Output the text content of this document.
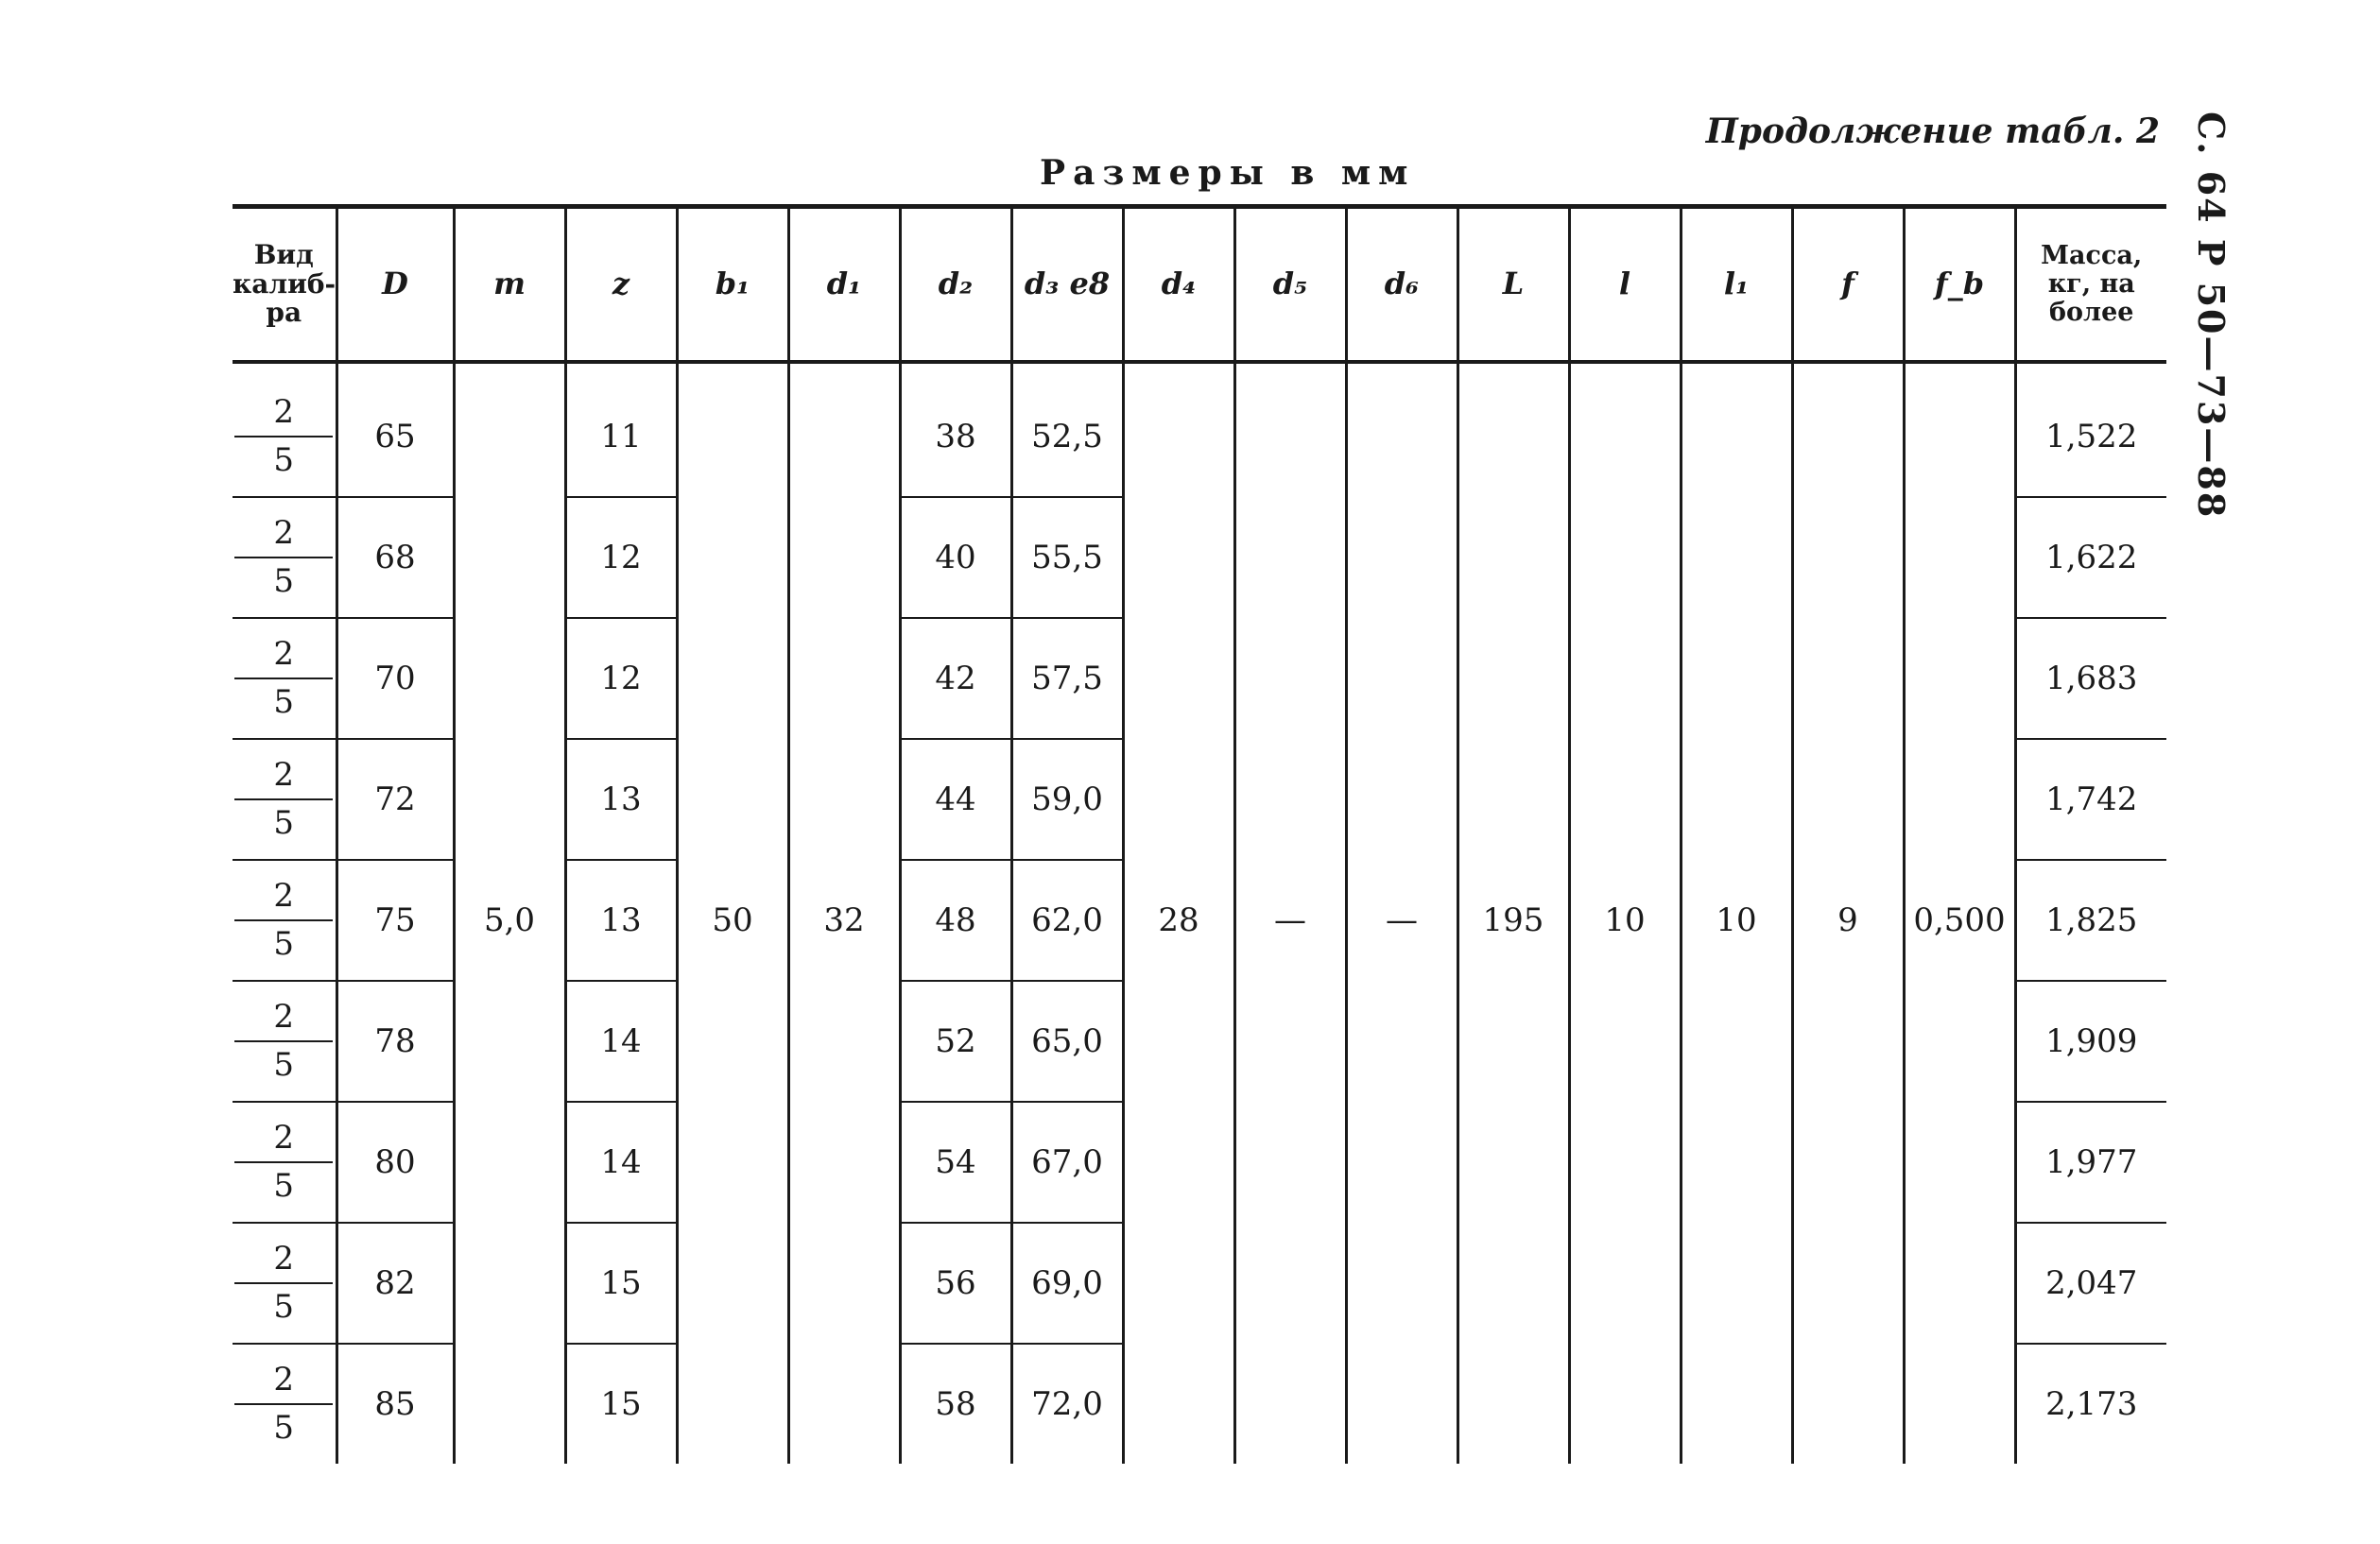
Продолжение табл. 2
Размеры в мм	С. 64 Р 50—73—88
Вид калиб-ра	D	m	z	b₁	d₁	d₂	d₃ e8	d₄	d₅	d₆	L	l	l₁	f	f_b	Масса, кг, на более

$\frac{2}{5}$	65	5,0	11	50	32	38	52,5	28	—	—	195	10	10	9	0,500	1,522

$\frac{2}{5}$	68		12			40	55,5									1,622

$\frac{2}{5}$	70		12			42	57,5									1,683

$\frac{2}{5}$	72		13			44	59,0									1,742

$\frac{2}{5}$	75		13			48	62,0									1,825

$\frac{2}{5}$	78		14			52	65,0									1,909

$\frac{2}{5}$	80		14			54	67,0									1,977

$\frac{2}{5}$	82		15			56	69,0									2,047

$\frac{2}{5}$	85		15			58	72,0									2,173
